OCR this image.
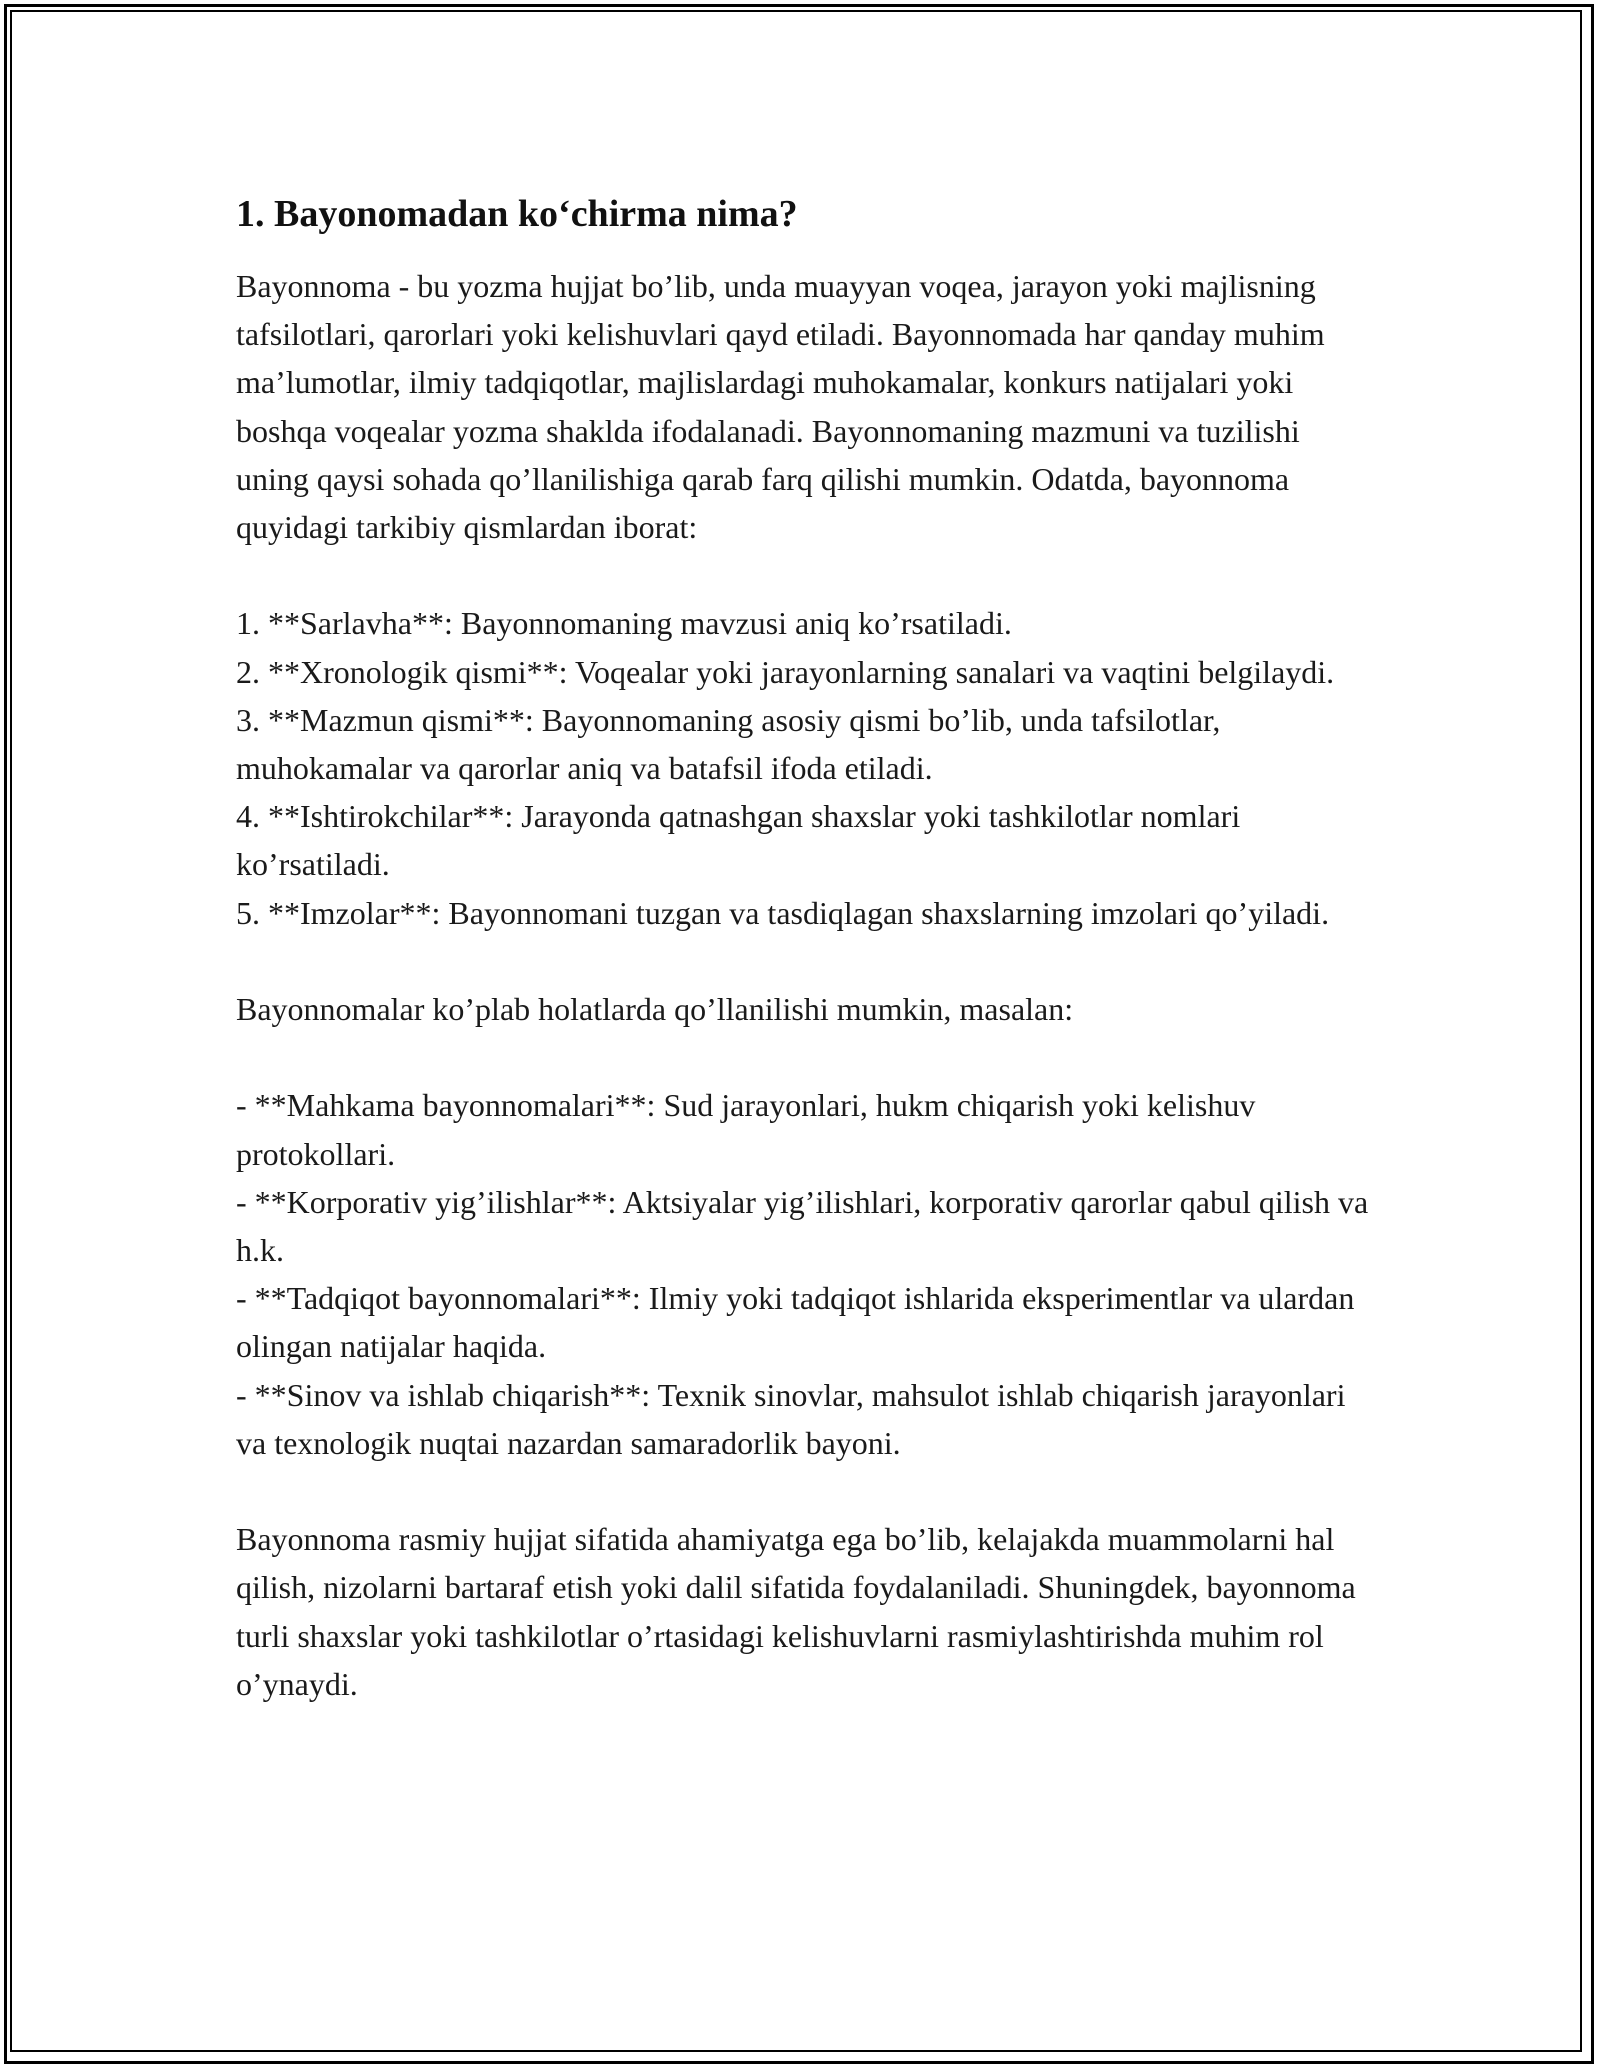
1. Bayonomadan ko‘chirma nima?

Bayonnoma - bu yozma hujjat bo’lib, unda muayyan voqea, jarayon yoki majlisning tafsilotlari, qarorlari yoki kelishuvlari qayd etiladi. Bayonnomada har qanday muhim ma’lumotlar, ilmiy tadqiqotlar, majlislardagi muhokamalar, konkurs natijalari yoki boshqa voqealar yozma shaklda ifodalanadi. Bayonnomaning mazmuni va tuzilishi uning qaysi sohada qo’llanilishiga qarab farq qilishi mumkin. Odatda, bayonnoma quyidagi tarkibiy qismlardan iborat:

1. **Sarlavha**: Bayonnomaning mavzusi aniq ko’rsatiladi.

2. **Xronologik qismi**: Voqealar yoki jarayonlarning sanalari va vaqtini belgilaydi.

3. **Mazmun qismi**: Bayonnomaning asosiy qismi bo’lib, unda tafsilotlar, muhokamalar va qarorlar aniq va batafsil ifoda etiladi.

4. **Ishtirokchilar**: Jarayonda qatnashgan shaxslar yoki tashkilotlar nomlari ko’rsatiladi.

5. **Imzolar**: Bayonnomani tuzgan va tasdiqlagan shaxslarning imzolari qo’yiladi.

Bayonnomalar ko’plab holatlarda qo’llanilishi mumkin, masalan:

- **Mahkama bayonnomalari**: Sud jarayonlari, hukm chiqarish yoki kelishuv protokollari.

- **Korporativ yig’ilishlar**: Aktsiyalar yig’ilishlari, korporativ qarorlar qabul qilish va h.k.

- **Tadqiqot bayonnomalari**: Ilmiy yoki tadqiqot ishlarida eksperimentlar va ulardan olingan natijalar haqida.

- **Sinov va ishlab chiqarish**: Texnik sinovlar, mahsulot ishlab chiqarish jarayonlari va texnologik nuqtai nazardan samaradorlik bayoni.

Bayonnoma rasmiy hujjat sifatida ahamiyatga ega bo’lib, kelajakda muammolarni hal qilish, nizolarni bartaraf etish yoki dalil sifatida foydalaniladi. Shuningdek, bayonnoma turli shaxslar yoki tashkilotlar o’rtasidagi kelishuvlarni rasmiylashtirishda muhim rol o’ynaydi.
